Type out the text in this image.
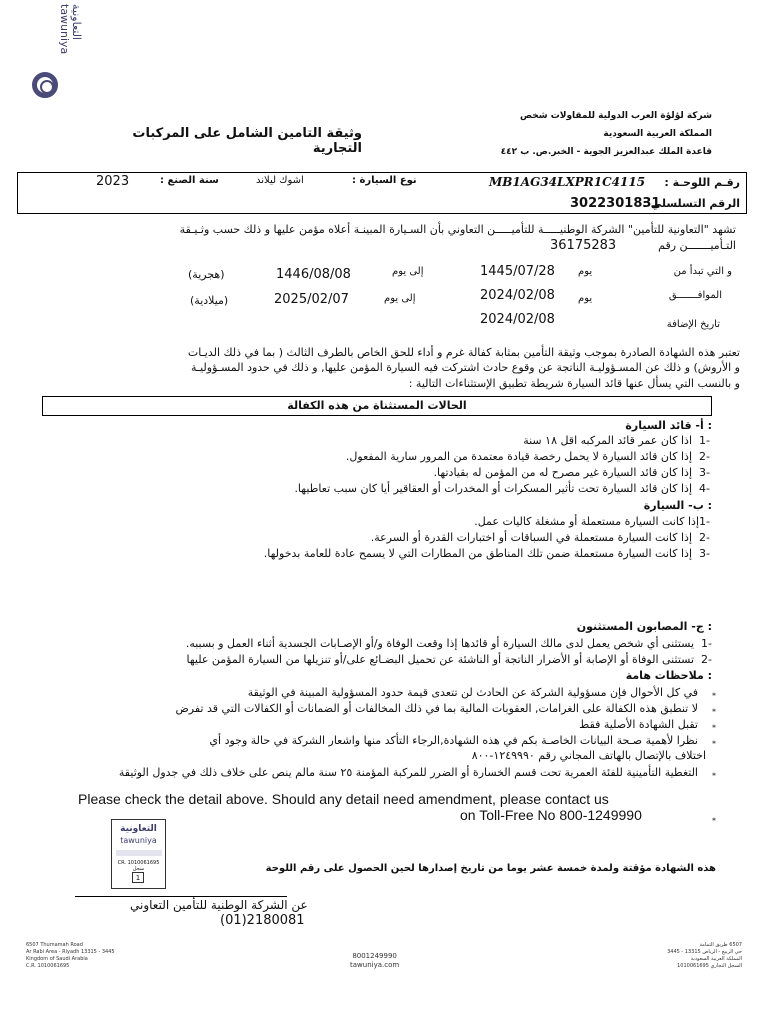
التعاونية
tawuniya
شركة لؤلؤة العرب الدولية للمقاولات شخص
المملكة العربية السعودية
قاعدة الملك عبدالعزيز الجوية - الخبر.ص. ب ٤٤٢
وثيقة التامين الشامل على المركبات التجارية
رقـم اللوحـة :
MB1AG34LXPR1C4115
نوع السيارة :
اشوك ليلاند
سنة الصنع :
2023
الرقم التسلسلي :
3022301831
تشهد "التعاونية للتأمين" الشركة الوطنيـــــة للتأميـــــن التعاوني بأن السـيارة المبينـة أعلاه مؤمن عليها و ذلك حسب وثـيـقة
التـأميـــــــن رقم
36175283
و التي تبدأ من
يوم
1445/07/28
إلى يوم
1446/08/08
(هجرية)
الموافـــــــق
يوم
2024/02/08
إلى يوم
2025/02/07
(ميلادية)
تاريخ الإضافة
2024/02/08
تعتبر هذه الشهادة الصادرة بموجب وثيقة التأمين بمثابة كفالة غرم و أداء للحق الخاص بالطرف الثالث ( بما في ذلك الديـات
و الأروش) و ذلك عن المسـؤوليـة الناتجة عن وقوع حادث اشتركت فيه السيارة المؤمن عليها, و ذلك في حدود المسـؤوليـة
و بالنسب التي يسأل عنها قائد السيارة شريطة تطبيق الإستثناءات التالية :
الحالات المستثناة من هذه الكفالة
: أ- قائد السيارة
-1  اذا كان عمر قائد المركبه اقل ١٨ سنة
-2  إذا كان قائد السيارة لا يحمل رخصة قيادة معتمدة من المرور سارية المفعول.
-3  إذا كان قائد السيارة غير مصرح له من المؤمن له بقيادتها.
-4  إذا كان قائد السيارة تحت تأثير المسكرات أو المخدرات أو العقاقير أيا كان سبب تعاطيها.
: ب- السيارة
-1إذا كانت السيارة مستعملة أو مشغلة كاليات عمل.
-2  إذا كانت السيارة مستعملة في السباقات أو اختبارات القدرة أو السرعة.
-3  إذا كانت السيارة مستعملة ضمن تلك المناطق من المطارات التي لا يسمح عادة للعامة بدخولها.
: ج- المصابون المستثنون
-1  يستثنى أي شخص يعمل لدى مالك السيارة أو قائدها إذا وقعت الوفاة و/أو الإصـابات الجسدية أثناء العمل و بسببه.
-2  تستثنى الوفاة أو الإصابة أو الأضرار الناتجة أو الناشئة عن تحميل البضـائع على/أو تنزيلها من السيارة المؤمن عليها
: ملاحظات هامة
⁎    في كل الأحوال فإن مسؤولية الشركة عن الحادث لن تتعدى قيمة حدود المسؤولية المبينة في الوثيقة
⁎    لا تنطبق هذه الكفالة على الغرامات, العقوبات المالية بما في ذلك المخالفات أو الضمانات أو الكفالات التي قد تفرض
⁎    تقبل الشهادة الأصلية فقط
⁎    نظرا لأهمية صـحة البيانات الخاصـة بكم في هذه الشهادة,الرجاء التأكد منها واشعار الشركة في حالة وجود أي
اختلاف بالإتصال بالهاتف المجاني رقم ١٢٤٩٩٩٠-٨٠٠
⁎    التغطية التأمينية للفئة العمرية تحت قسم الخسارة أو الضرر للمركبة المؤمنة ٢٥ سنة مالم ينص على خلاف ذلك في جدول الوثيقة
Please check the detail above. Should any detail need amendment, please contact us
on Toll-Free No 800-1249990	⁎
التعاونية
tawuniya
CR. 1010061695 سجل
1
هذه الشهادة مؤقتة ولمدة خمسة عشر يوما من تاريخ إصدارها لحين الحصول على رقم اللوحة
عن الشركة الوطنية للتأمين التعاوني
(01)2180081
6507 Thumamah Road
Ar Rabi Area - Riyadh 13315 - 3445
Kingdom of Saudi Arabia
C.R. 1010061695
8001249990
tawuniya.com
6507 طريق الثمامة
حي الربيع - الرياض 13315 - 3445
المملكة العربية السعودية
السجل التجاري 1010061695
